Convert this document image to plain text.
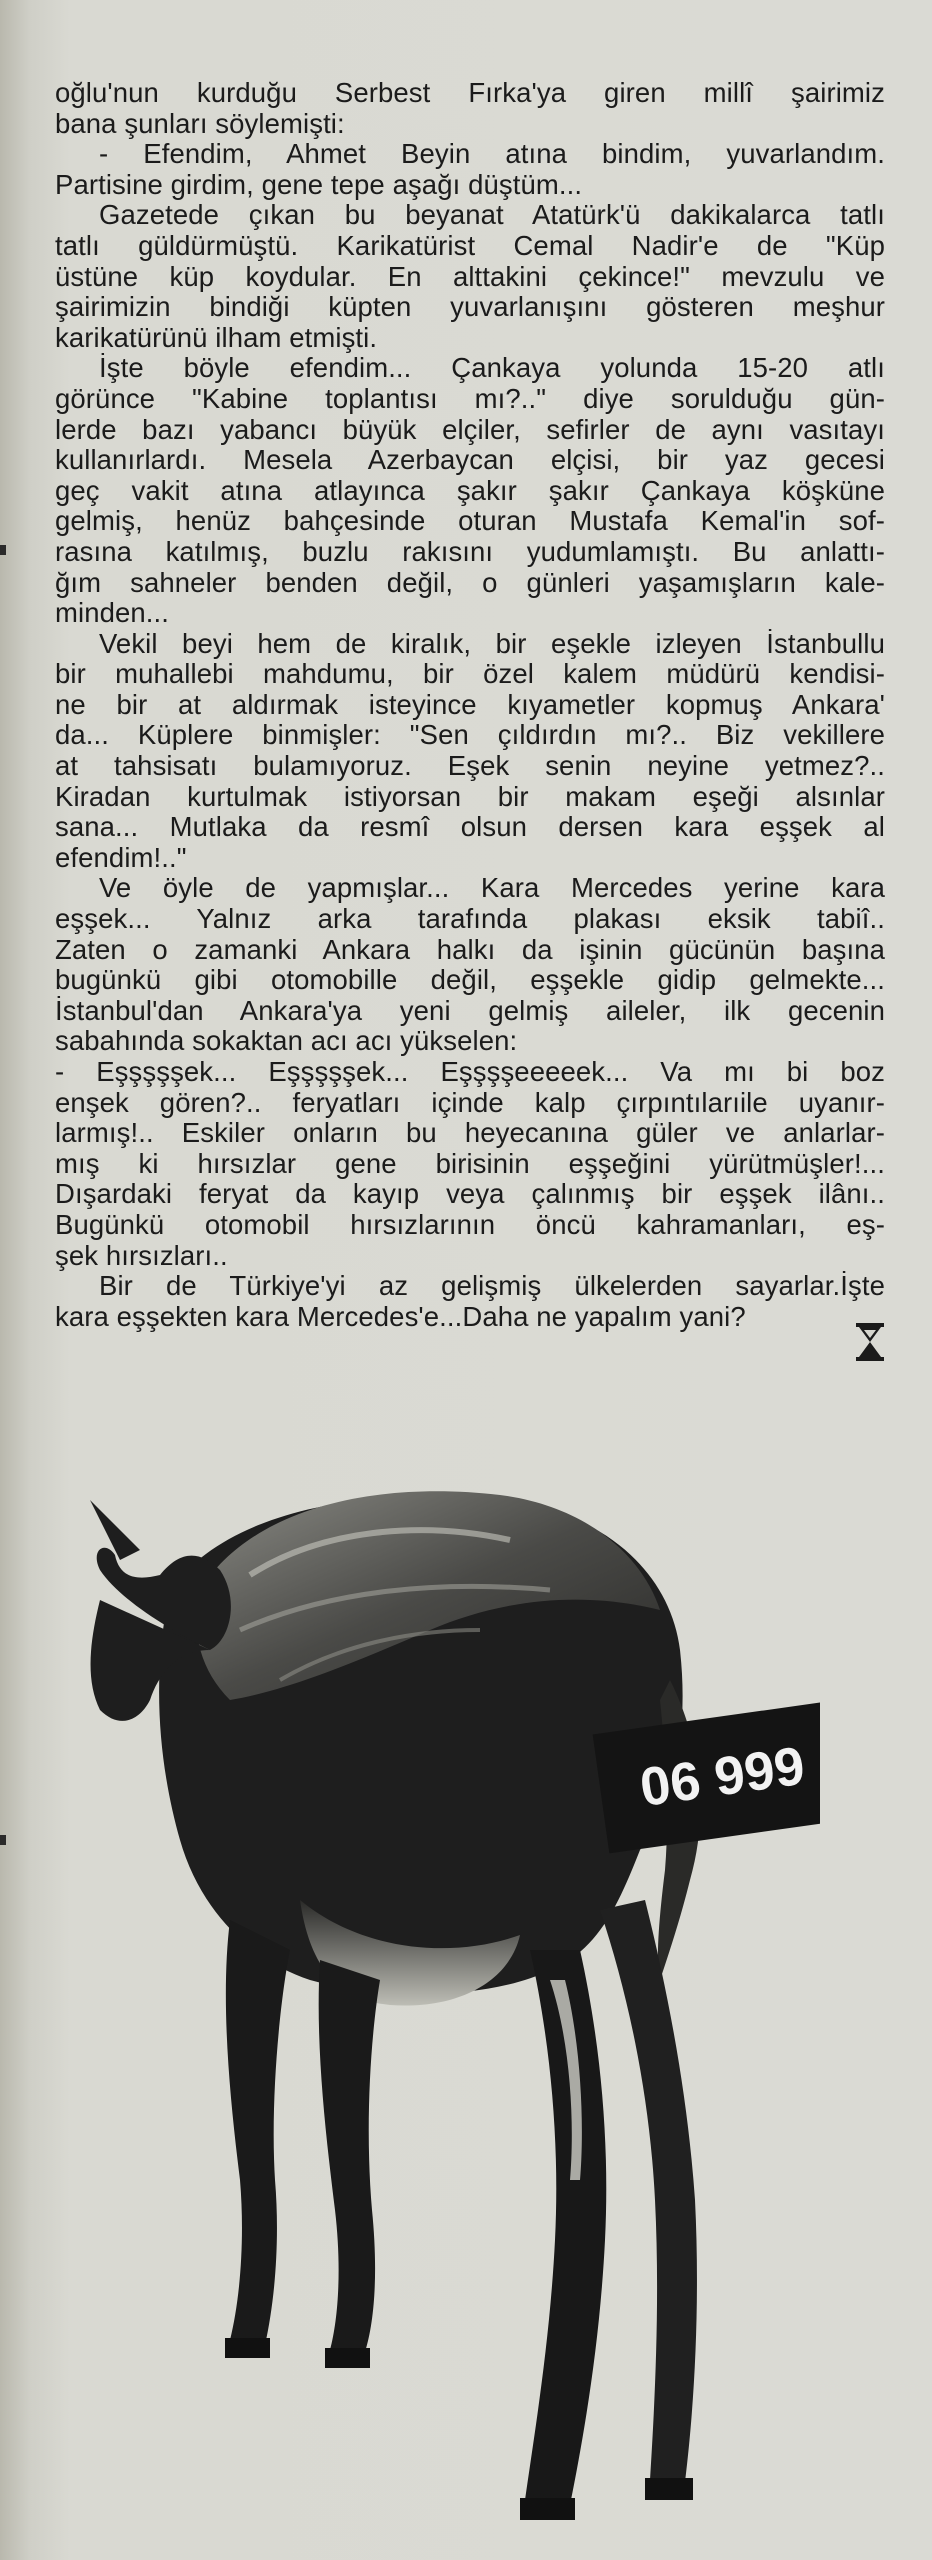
oğlu'nun kurduğu Serbest Fırka'ya giren millî şairimiz
bana şunları söylemişti:
- Efendim, Ahmet Beyin atına bindim, yuvarlandım.
Partisine girdim, gene tepe aşağı düştüm...
Gazetede çıkan bu beyanat Atatürk'ü dakikalarca tatlı
tatlı güldürmüştü. Karikatürist Cemal Nadir'e de "Küp
üstüne küp koydular. En alttakini çekince!" mevzulu ve
şairimizin bindiği küpten yuvarlanışını gösteren meşhur
karikatürünü ilham etmişti.
İşte böyle efendim... Çankaya yolunda 15-20 atlı
görünce "Kabine toplantısı mı?.." diye sorulduğu gün-
lerde bazı yabancı büyük elçiler, sefirler de aynı vasıtayı
kullanırlardı. Mesela Azerbaycan elçisi, bir yaz gecesi
geç vakit atına atlayınca şakır şakır Çankaya köşküne
gelmiş, henüz bahçesinde oturan Mustafa Kemal'in sof-
rasına katılmış, buzlu rakısını yudumlamıştı. Bu anlattı-
ğım sahneler benden değil, o günleri yaşamışların kale-
minden...
Vekil beyi hem de kiralık, bir eşekle izleyen İstanbullu
bir muhallebi mahdumu, bir özel kalem müdürü kendisi-
ne bir at aldırmak isteyince kıyametler kopmuş Ankara'
da... Küplere binmişler: "Sen çıldırdın mı?.. Biz vekillere
at tahsisatı bulamıyoruz. Eşek senin neyine yetmez?..
Kiradan kurtulmak istiyorsan bir makam eşeği alsınlar
sana... Mutlaka da resmî olsun dersen kara eşşek al
efendim!.."
Ve öyle de yapmışlar... Kara Mercedes yerine kara
eşşek... Yalnız arka tarafında plakası eksik tabiî..
Zaten o zamanki Ankara halkı da işinin gücünün başına
bugünkü gibi otomobille değil, eşşekle gidip gelmekte...
İstanbul'dan Ankara'ya yeni gelmiş aileler, ilk gecenin
sabahında sokaktan acı acı yükselen:
- Eşşşşşek... Eşşşşşek... Eşşşşeeeeek... Va mı bi boz
enşek gören?.. feryatları içinde kalp çırpıntılarıile uyanır-
larmış!.. Eskiler onların bu heyecanına güler ve anlarlar-
mış ki hırsızlar gene birisinin eşşeğini yürütmüşler!...
Dışardaki feryat da kayıp veya çalınmış bir eşşek ilânı..
Bugünkü otomobil hırsızlarının öncü kahramanları, eş-
şek hırsızları..
Bir de Türkiye'yi az gelişmiş ülkelerden sayarlar.İşte
kara eşşekten kara Mercedes'e...Daha ne yapalım yani?
06 999
